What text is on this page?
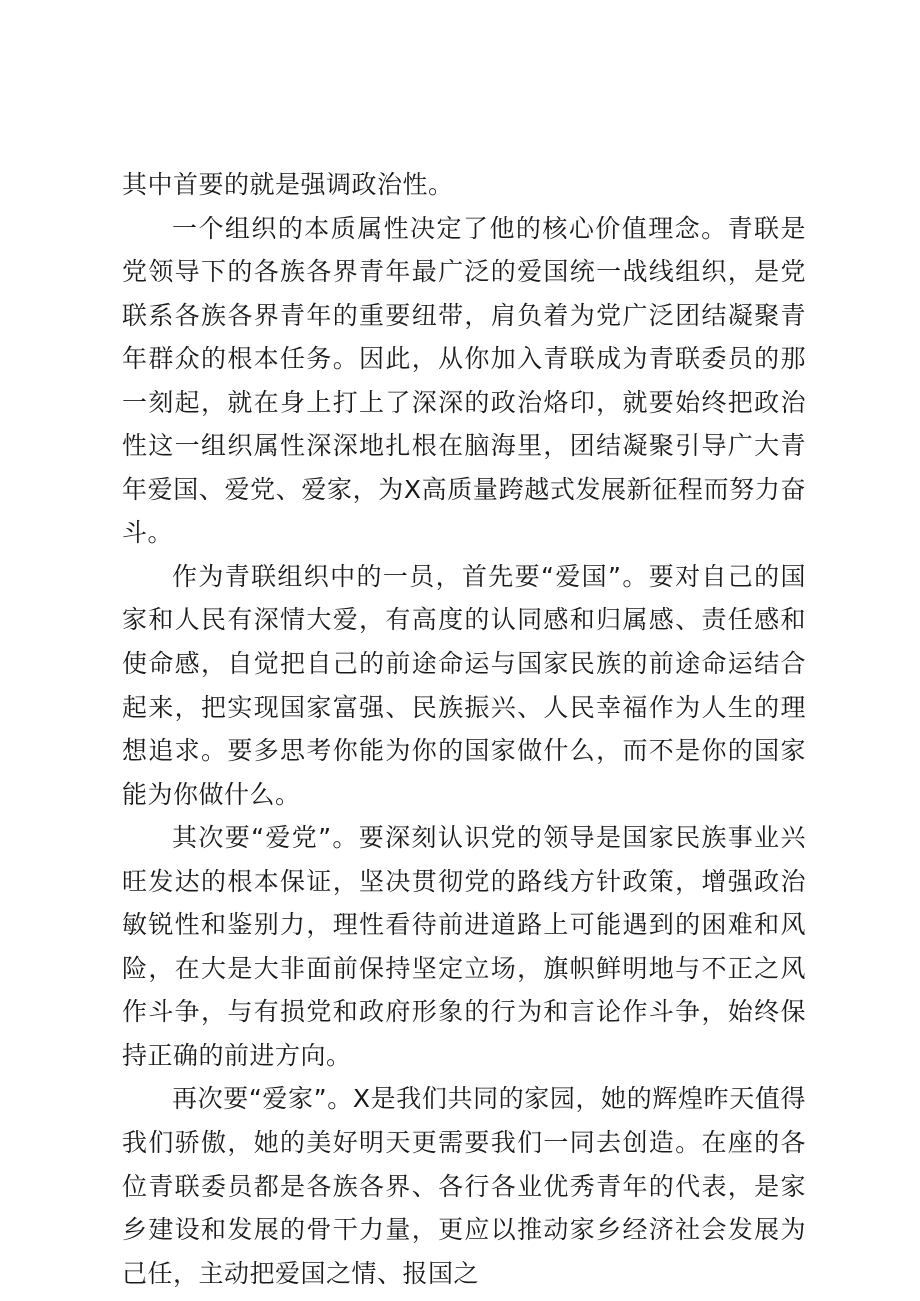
其中首要的就是强调政治性。

一个组织的本质属性决定了他的核心价值理念。青联是党领导下的各族各界青年最广泛的爱国统一战线组织，是党联系各族各界青年的重要纽带，肩负着为党广泛团结凝聚青年群众的根本任务。因此，从你加入青联成为青联委员的那一刻起，就在身上打上了深深的政治烙印，就要始终把政治性这一组织属性深深地扎根在脑海里，团结凝聚引导广大青年爱国、爱党、爱家，为X高质量跨越式发展新征程而努力奋斗。

作为青联组织中的一员，首先要“爱国”。要对自己的国家和人民有深情大爱，有高度的认同感和归属感、责任感和使命感，自觉把自己的前途命运与国家民族的前途命运结合起来，把实现国家富强、民族振兴、人民幸福作为人生的理想追求。要多思考你能为你的国家做什么，而不是你的国家能为你做什么。

其次要“爱党”。要深刻认识党的领导是国家民族事业兴旺发达的根本保证，坚决贯彻党的路线方针政策，增强政治敏锐性和鉴别力，理性看待前进道路上可能遇到的困难和风险，在大是大非面前保持坚定立场，旗帜鲜明地与不正之风作斗争，与有损党和政府形象的行为和言论作斗争，始终保持正确的前进方向。

再次要“爱家”。X是我们共同的家园，她的辉煌昨天值得我们骄傲，她的美好明天更需要我们一同去创造。在座的各位青联委员都是各族各界、各行各业优秀青年的代表，是家乡建设和发展的骨干力量，更应以推动家乡经济社会发展为己任，主动把爱国之情、报国之
